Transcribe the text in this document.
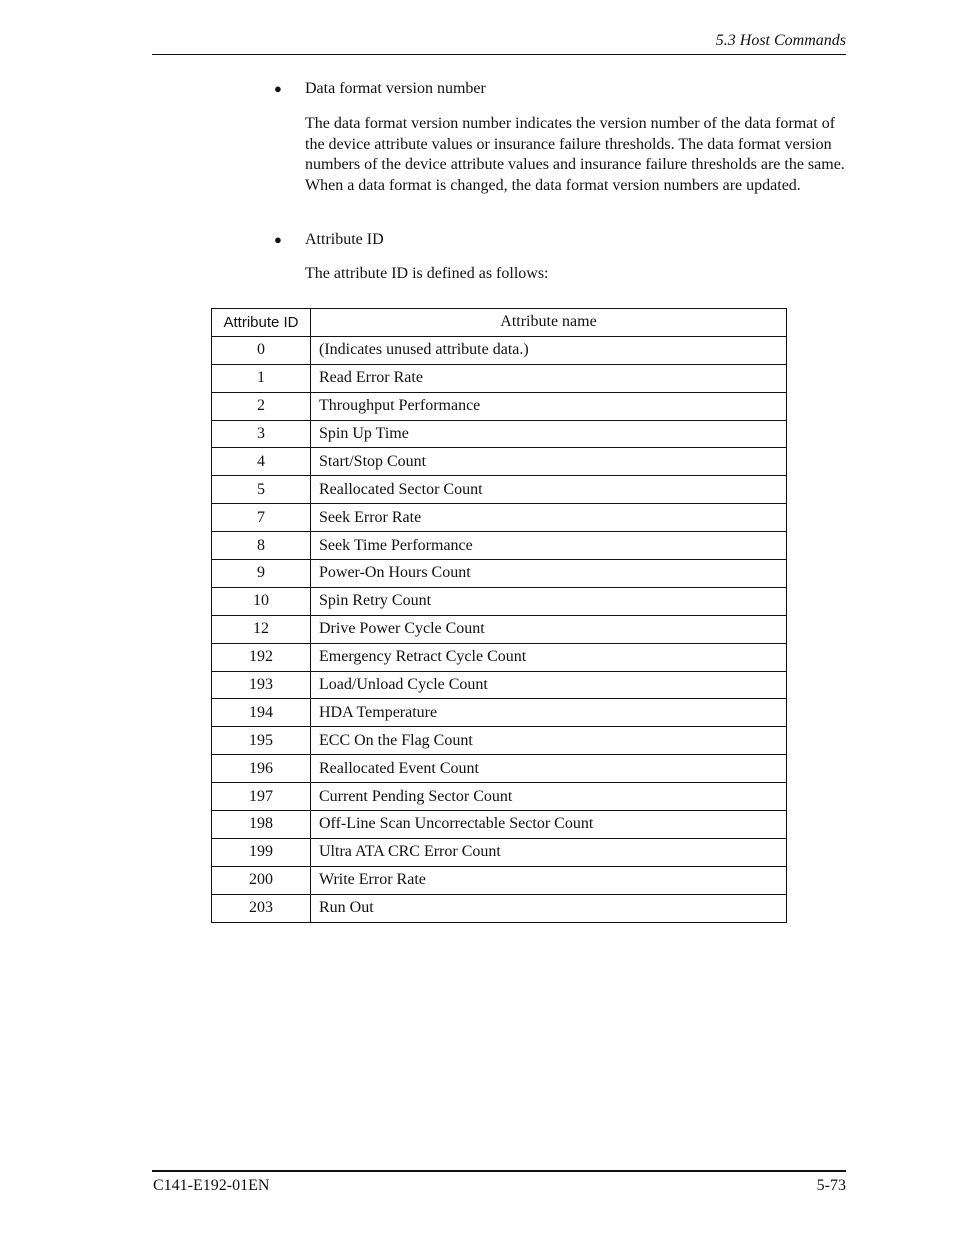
5.3 Host Commands
● Data format version number
The data format version number indicates the version number of the data format of the device attribute values or insurance failure thresholds. The data format version numbers of the device attribute values and insurance failure thresholds are the same. When a data format is changed, the data format version numbers are updated.
● Attribute ID
The attribute ID is defined as follows:
Attribute ID	Attribute name
0	(Indicates unused attribute data.)
1	Read Error Rate
2	Throughput Performance
3	Spin Up Time
4	Start/Stop Count
5	Reallocated Sector Count
7	Seek Error Rate
8	Seek Time Performance
9	Power-On Hours Count
10	Spin Retry Count
12	Drive Power Cycle Count
192	Emergency Retract Cycle Count
193	Load/Unload Cycle Count
194	HDA Temperature
195	ECC On the Flag Count
196	Reallocated Event Count
197	Current Pending Sector Count
198	Off-Line Scan Uncorrectable Sector Count
199	Ultra ATA CRC Error Count
200	Write Error Rate
203	Run Out
C141-E192-01EN	5-73
